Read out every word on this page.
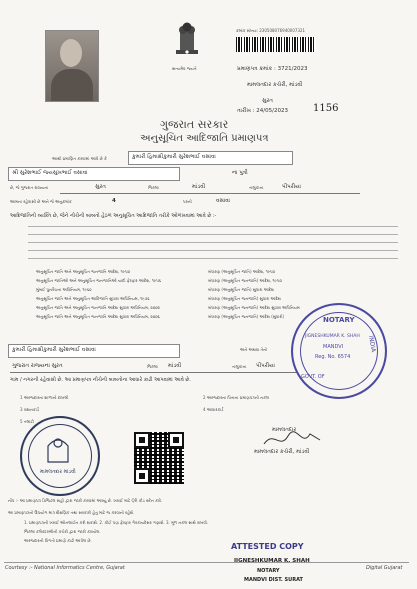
સત્યમેવ જયતે
ક્રમાંક સંખ્યા: 230508076940007321
પ્રમાણપત્ર ક્રમાંક : 3721/2023
મામલતદાર કચેરી, માંડવી
સુરત
તારીખ : 24/05/2023	1156
ગુજરાત સરકાર
અનુસૂચિત આદિજાતિ પ્રમાણપત્ર
આથી પ્રમાણિત કરવામાં આવે છે કે	કુમારી હિમાક્ષીકુમારી સુરેશભાઈ વસાવા
શ્રી સુરેશભાઈ જયસુખભાઈ વસાવા	ના પુત્રી
છે, જે ગુજરાત રાજ્યના	સુરત	જિલ્લા	માંડવી	તાલુકાના	પીપરીયા
આમના રહેવાસી છે અને જે અનુક્રમાંક	4	પરની	વસાવા
આદિજાતિની વ્યક્તિ છે, જેને નીચેની બાબતો હેઠળ અનુસૂચિત આદિજાતિ તરીકે ઓળખવામાં આવે છે :-
અનુસૂચિત જાતિ અને અનુસૂચિત જનજાતિ આદેશ, ૧૯૫૦
અનુસૂચિત જાતિઓ અને અનુસૂચિત જનજાતિઓ યાદી ફેરફાર આદેશ, ૧૯૫૬
મુંબઈ પુનર્રચના અધિનિયમ, ૧૯૬૦
અનુસૂચિત જાતિ અને અનુસૂચિત આદિજાતિ સુધારા અધિનિયમ, ૧૯૭૬
અનુસૂચિત જાતિ અને અનુસૂચિત જનજાતિ આદેશ સુધારા અધિનિયમ, ૨૦૦૨
અનુસૂચિત જાતિ અને અનુસૂચિત જનજાતિ આદેશ સુધારા અધિનિયમ, ૨૦૦૬
બંધારણ (અનુસૂચિત જાતિ) આદેશ, ૧૯૫૦
બંધારણ (અનુસૂચિત જનજાતિ) આદેશ, ૧૯૫૦
બંધારણ (અનુસૂચિત જાતિ) સુધારા આદેશ
બંધારણ (અનુસૂચિત જનજાતિ) સુધારા આદેશ
બંધારણ (અનુસૂચિત જનજાતિ) આદેશ સુધારા અધિનિયમ
બંધારણ (અનુસૂચિત જનજાતિ) આદેશ (સુધારો)
કુમારી હિમાક્ષીકુમારી સુરેશભાઈ વસાવા	અને અથવા તેનો
ગુજરાત રાજ્યના સુરત	જિલ્લા માંડવી	તાલુકાના પીપરીયા
ગામ / નગરની રહેવાસી છે. આ પ્રમાણપત્ર નીચેની બાબતોના આધારે કાઢી આપવામાં આવે છે.
1 અરજદારના શાળાનો દાખલો
3 રાશનકાર્ડ
5 તલાટી
2 અરજદારના પિતાના પ્રમાણપત્રની નકલ
4 આધારકાર્ડ
મામલતદાર માંડવી
મામલતદાર
મામલતદાર કચેરી, માંડવી
નોંધ :- આ પ્રમાણપત્ર ડિજિટલ સહી દ્વારા જારી કરવામાં આવ્યું છે. ખરાઈ માટે QR કોડ સ્કેન કરો.
આ પ્રમાણપત્રનો ઉપયોગ માત્ર શૈક્ષણિક તથા સરકારી હેતુ માટે જ કરવાનો રહેશે.
1. પ્રમાણપત્રની ખરાઈ ઓનલાઈન કરી શકાશે. 2. કોઈ પણ ફેરફાર ગેરકાયદેસર ગણાશે. 3. મૂળ નકલ સાથે રાખવી.
જિલ્લા કલેક્ટરશ્રીની કચેરી દ્વારા જારી કરાયેલ.
અરજદારની વિગતો પ્રમાણે કાઢી આપેલ છે.
NOTARY
JIGNESHKUMAR K. SHAH
MANDVI
Reg. No. 6574
INDIA
GOVT. OF
ATTESTED COPY
JIGNESHKUMAR K. SHAH
NOTARY
MANDVI DIST. SURAT
Courtesy :- National Informatics Centre, Gujarat	Digital Gujarat
